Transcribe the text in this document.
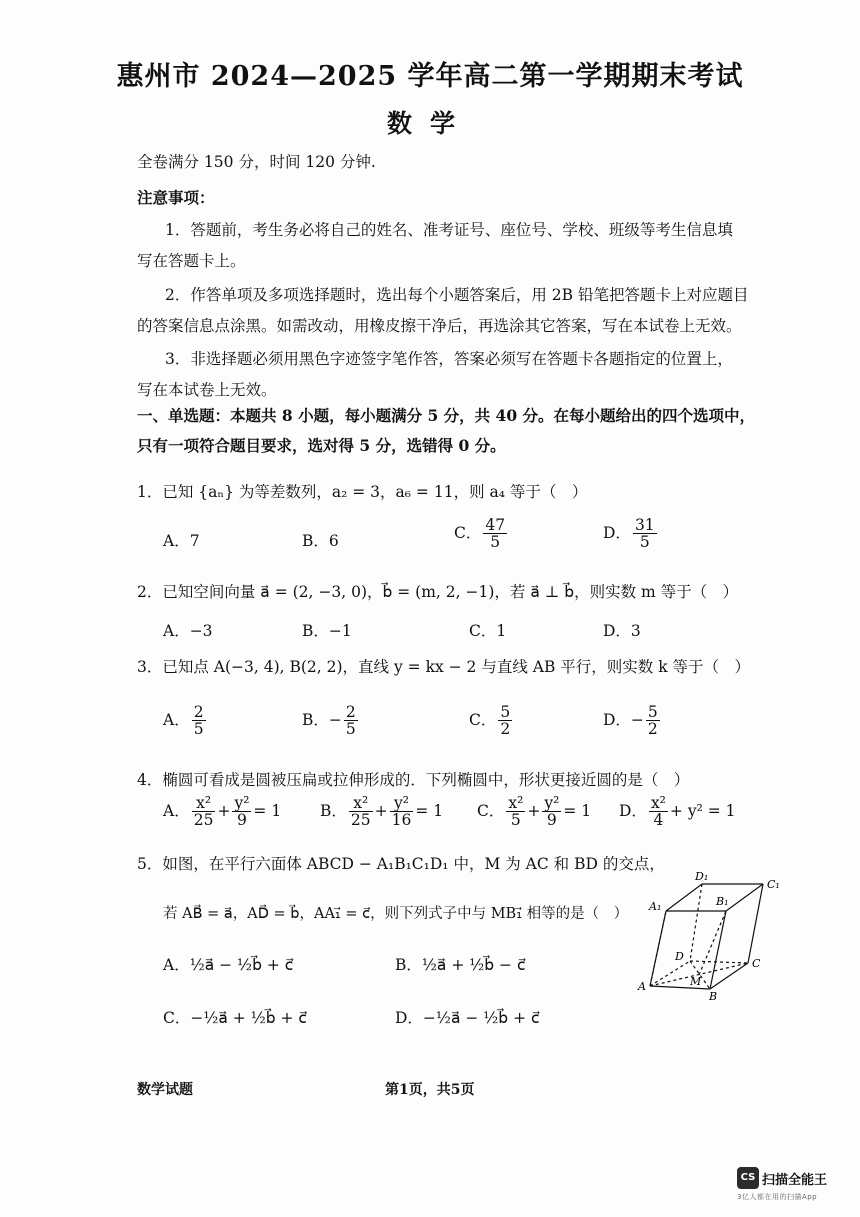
惠州市 2024—2025 学年高二第一学期期末考试
数学
全卷满分 150 分，时间 120 分钟.
注意事项：
1．答题前，考生务必将自己的姓名、准考证号、座位号、学校、班级等考生信息填
写在答题卡上。
2．作答单项及多项选择题时，选出每个小题答案后，用 2B 铅笔把答题卡上对应题目
的答案信息点涂黑。如需改动，用橡皮擦干净后，再选涂其它答案，写在本试卷上无效。
3．非选择题必须用黑色字迹签字笔作答，答案必须写在答题卡各题指定的位置上，
写在本试卷上无效。
一、单选题：本题共 8 小题，每小题满分 5 分，共 40 分。在每小题给出的四个选项中，
只有一项符合题目要求，选对得 5 分，选错得 0 分。
1．已知 {aₙ} 为等差数列，a₂ = 3，a₆ = 11，则 a₄ 等于（　）
A．7	B．6	C． $\frac{47}{5}$	D． $\frac{31}{5}$
2．已知空间向量 a⃗ = (2, −3, 0)，b⃗ = (m, 2, −1)，若 a⃗ ⊥ b⃗，则实数 m 等于（　）
A．−3	B．−1	C．1	D．3
3．已知点 A(−3, 4), B(2, 2)，直线 y = kx − 2 与直线 AB 平行，则实数 k 等于（　）
A． $\frac{2}{5}$	B．− $\frac{2}{5}$	C． $\frac{5}{2}$	D．− $\frac{5}{2}$
4．椭圆可看成是圆被压扁或拉伸形成的．下列椭圆中，形状更接近圆的是（　）
A． $\frac{\text{x²}}{25} + \frac{\text{y²}}{9} = 1$	B． $\frac{\text{x²}}{25} + \frac{\text{y²}}{16} = 1$ C． $\frac{\text{x²}}{5} + \frac{\text{y²}}{9} = 1$ D． $\frac{\text{x²}}{4} + y^2 = 1$
5．如图，在平行六面体 ABCD − A₁B₁C₁D₁ 中，M 为 AC 和 BD 的交点，
若 AB⃗ = a⃗，AD⃗ = b⃗，AA₁⃗ = c⃗，则下列式子中与 MB₁⃗ 相等的是（　）
A．½a⃗ − ½b⃗ + c⃗	B．½a⃗ + ½b⃗ − c⃗
C．−½a⃗ + ½b⃗ + c⃗	D．−½a⃗ − ½b⃗ + c⃗
D₁
C₁
A₁	B₁
D
C
M
A
B
数学试题	第1页，共5页
CS 扫描全能王
3亿人都在用的扫描App
